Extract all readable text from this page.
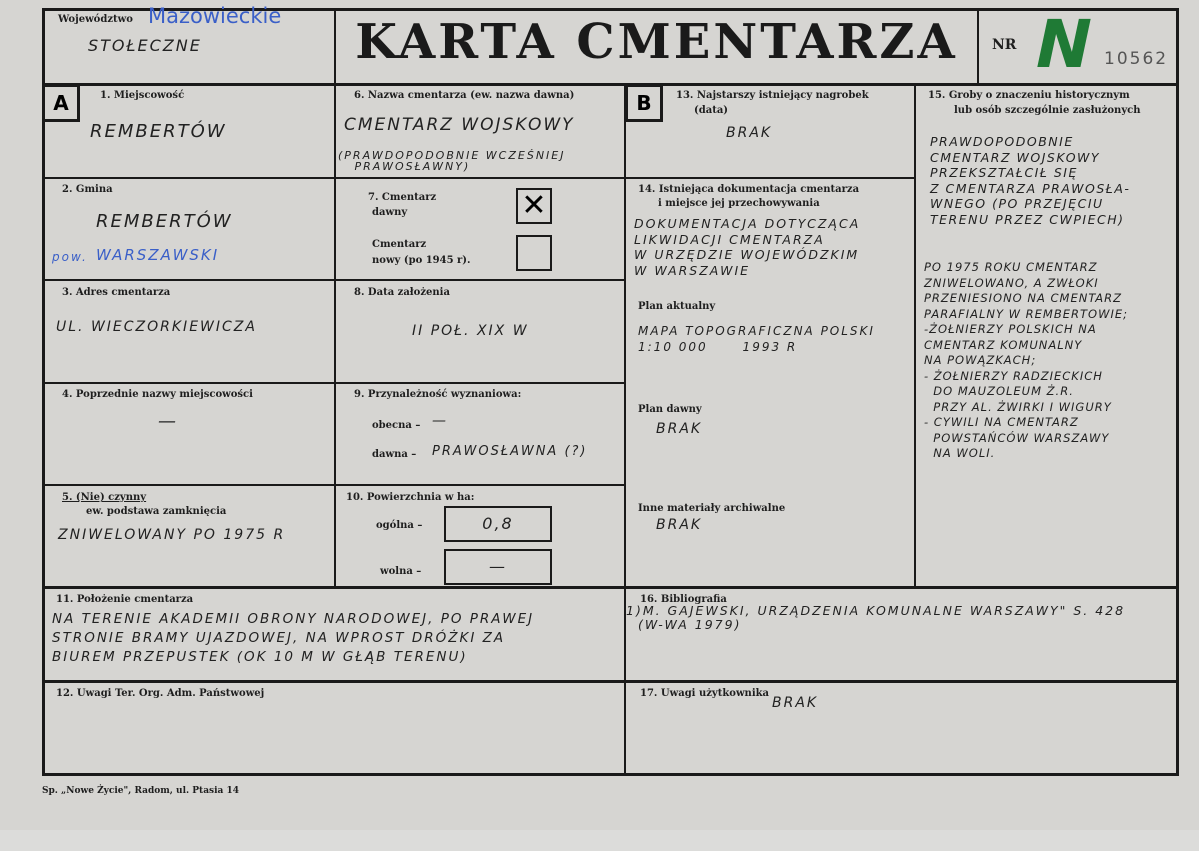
Województwo Mazowieckie
STOŁECZNE	KARTA CMENTARZA	NR N 10562
A	1. Miejscowość
REMBERTÓW
2. Gmina
REMBERTÓW
pow. WARSZAWSKI
3. Adres cmentarza
UL. WIECZORKIEWICZA
4. Poprzednie nazwy miejscowości
—
5. (Nie) czynny
ew. podstawa zamknięcia
ZNIWELOWANY PO 1975 R
6. Nazwa cmentarza (ew. nazwa dawna)
CMENTARZ WOJSKOWY
(PRAWDOPODOBNIE WCZEŚNIEJ
PRAWOSŁAWNY)
7. Cmentarz
dawny	✕
Cmentarz
nowy (po 1945 r).
8. Data założenia
II POŁ. XIX W
9. Przynależność wyznaniowa:
obecna – —
dawna – PRAWOSŁAWNA (?)
10. Powierzchnia w ha:
ogólna –	0,8
wolna –	—
B	13. Najstarszy istniejący nagrobek
(data)
BRAK
14. Istniejąca dokumentacja cmentarza
i miejsce jej przechowywania
DOKUMENTACJA DOTYCZĄCA
LIKWIDACJI CMENTARZA
W URZĘDZIE WOJEWÓDZKIM
W WARSZAWIE
Plan aktualny
MAPA TOPOGRAFICZNA POLSKI
1:10 000      1993 R
Plan dawny
BRAK
Inne materiały archiwalne
BRAK
15. Groby o znaczeniu historycznym
lub osób szczególnie zasłużonych
PRAWDOPODOBNIE
CMENTARZ WOJSKOWY
PRZEKSZTAŁCIŁ SIĘ
Z CMENTARZA PRAWOSŁA-
WNEGO (PO PRZEJĘCIU
TERENU PRZEZ CWPIECH)
PO 1975 ROKU CMENTARZ
ZNIWELOWANO, A ZWŁOKI
PRZENIESIONO NA CMENTARZ
PARAFIALNY W REMBERTOWIE;
-ŻOŁNIERZY POLSKICH NA
CMENTARZ KOMUNALNY
NA POWĄZKACH;
- ŻOŁNIERZY RADZIECKICH
DO MAUZOLEUM Ż.R.
PRZY AL. ŻWIRKI I WIGURY
- CYWILI NA CMENTARZ
POWSTAŃCÓW WARSZAWY
NA WOLI.
11. Położenie cmentarza
NA TERENIE AKADEMII OBRONY NARODOWEJ, PO PRAWEJ
STRONIE BRAMY UJAZDOWEJ, NA WPROST DRÓŻKI ZA
BIUREM PRZEPUSTEK (OK 10 M W GŁĄB TERENU)
12. Uwagi Ter. Org. Adm. Państwowej
16. Bibliografia
1)M. GAJEWSKI, URZĄDZENIA KOMUNALNE WARSZAWY" S. 428
(W-WA 1979)
17. Uwagi użytkownika
BRAK
Sp. „Nowe Życie", Radom, ul. Ptasia 14
